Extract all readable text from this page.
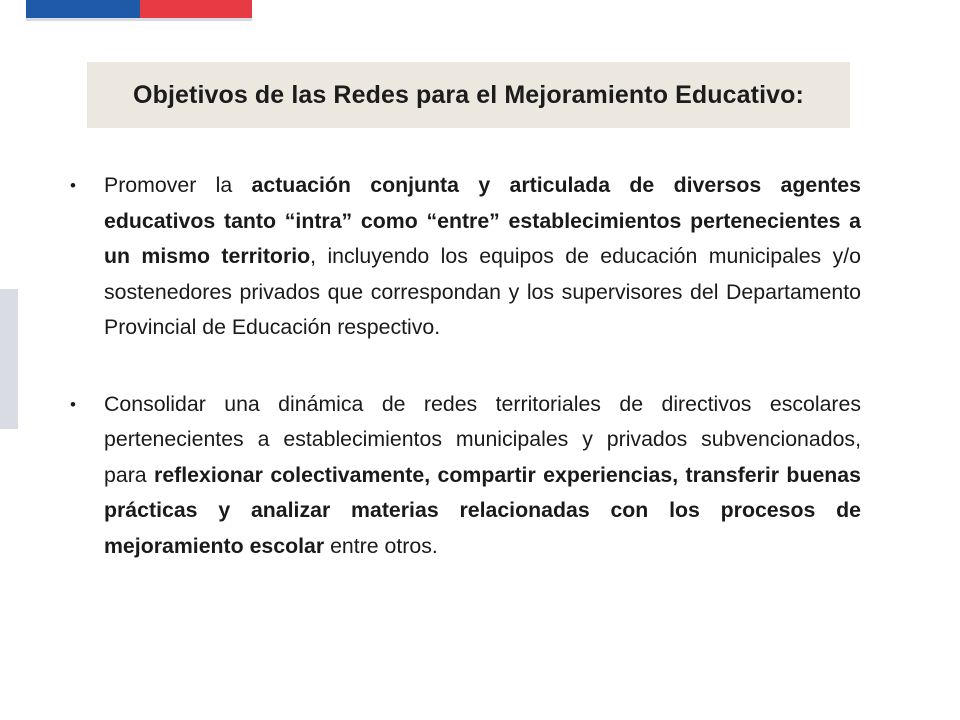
Objetivos de las Redes para el Mejoramiento Educativo:
• Promover la actuación conjunta y articulada de diversos agentes educativos tanto “intra” como “entre” establecimientos pertenecientes a un mismo territorio, incluyendo los equipos de educación municipales y/o sostenedores privados que correspondan y los supervisores del Departamento Provincial de Educación respectivo.
• Consolidar una dinámica de redes territoriales de directivos escolares pertenecientes a establecimientos municipales y privados subvencionados, para reflexionar colectivamente, compartir experiencias, transferir buenas prácticas y analizar materias relacionadas con los procesos de mejoramiento escolar entre otros.
